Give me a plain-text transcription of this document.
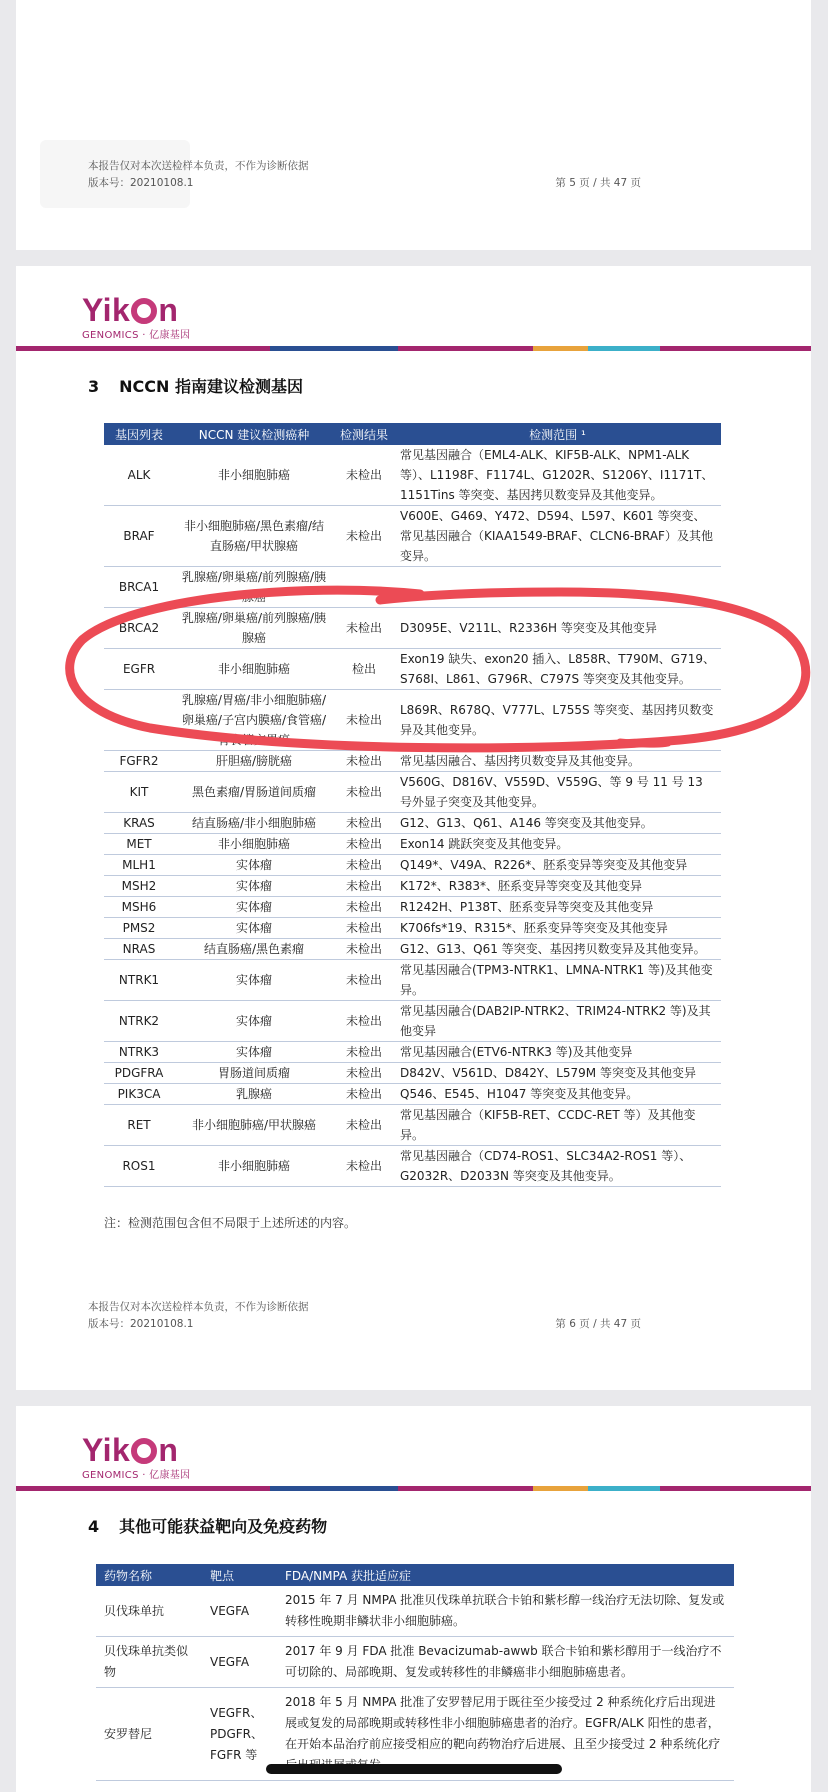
本报告仅对本次送检样本负责，不作为诊断依据
版本号：20210108.1	第 5 页 / 共 47 页
Yik n
GENOMICS · 亿康基因
3 NCCN 指南建议检测基因
基因列表	NCCN 建议检测癌种	检测结果	检测范围 ¹
ALK	非小细胞肺癌	未检出	常见基因融合（EML4-ALK、KIF5B-ALK、NPM1-ALK 等）、L1198F、F1174L、G1202R、S1206Y、I1171T、1151Tins 等突变、基因拷贝数变异及其他变异。
BRAF	非小细胞肺癌/黑色素瘤/结直肠癌/甲状腺癌	未检出	V600E、G469、Y472、D594、L597、K601 等突变、常见基因融合（KIAA1549-BRAF、CLCN6-BRAF）及其他变异。
BRCA1	乳腺癌/卵巢癌/前列腺癌/胰腺癌		
BRCA2	乳腺癌/卵巢癌/前列腺癌/胰腺癌	未检出	D3095E、V211L、R2336H 等突变及其他变异
EGFR	非小细胞肺癌	检出	Exon19 缺失、exon20 插入、L858R、T790M、G719、S768I、L861、G796R、C797S 等突变及其他变异。
	乳腺癌/胃癌/非小细胞肺癌/卵巢癌/子宫内膜癌/食管癌/胃食管交界癌	未检出	L869R、R678Q、V777L、L755S 等突变、基因拷贝数变异及其他变异。
FGFR2	肝胆癌/膀胱癌	未检出	常见基因融合、基因拷贝数变异及其他变异。
KIT	黑色素瘤/胃肠道间质瘤	未检出	V560G、D816V、V559D、V559G、等 9 号 11 号 13 号外显子突变及其他变异。
KRAS	结直肠癌/非小细胞肺癌	未检出	G12、G13、Q61、A146 等突变及其他变异。
MET	非小细胞肺癌	未检出	Exon14 跳跃突变及其他变异。
MLH1	实体瘤	未检出	Q149*、V49A、R226*、胚系变异等突变及其他变异
MSH2	实体瘤	未检出	K172*、R383*、胚系变异等突变及其他变异
MSH6	实体瘤	未检出	R1242H、P138T、胚系变异等突变及其他变异
PMS2	实体瘤	未检出	K706fs*19、R315*、胚系变异等突变及其他变异
NRAS	结直肠癌/黑色素瘤	未检出	G12、G13、Q61 等突变、基因拷贝数变异及其他变异。
NTRK1	实体瘤	未检出	常见基因融合(TPM3-NTRK1、LMNA-NTRK1 等)及其他变异。
NTRK2	实体瘤	未检出	常见基因融合(DAB2IP-NTRK2、TRIM24-NTRK2 等)及其他变异
NTRK3	实体瘤	未检出	常见基因融合(ETV6-NTRK3 等)及其他变异
PDGFRA	胃肠道间质瘤	未检出	D842V、V561D、D842Y、L579M 等突变及其他变异
PIK3CA	乳腺癌	未检出	Q546、E545、H1047 等突变及其他变异。
RET	非小细胞肺癌/甲状腺癌	未检出	常见基因融合（KIF5B-RET、CCDC-RET 等）及其他变异。
ROS1	非小细胞肺癌	未检出	常见基因融合（CD74-ROS1、SLC34A2-ROS1 等）、G2032R、D2033N 等突变及其他变异。
注：检测范围包含但不局限于上述所述的内容。
本报告仅对本次送检样本负责，不作为诊断依据
版本号：20210108.1	第 6 页 / 共 47 页
Yik n
GENOMICS · 亿康基因
4 其他可能获益靶向及免疫药物
药物名称	靶点	FDA/NMPA 获批适应症
贝伐珠单抗	VEGFA	2015 年 7 月 NMPA 批准贝伐珠单抗联合卡铂和紫杉醇一线治疗无法切除、复发或转移性晚期非鳞状非小细胞肺癌。
贝伐珠单抗类似物	VEGFA	2017 年 9 月 FDA 批准 Bevacizumab-awwb 联合卡铂和紫杉醇用于一线治疗不可切除的、局部晚期、复发或转移性的非鳞癌非小细胞肺癌患者。
安罗替尼	VEGFR、PDGFR、FGFR 等	2018 年 5 月 NMPA 批准了安罗替尼用于既往至少接受过 2 种系统化疗后出现进展或复发的局部晚期或转移性非小细胞肺癌患者的治疗。EGFR/ALK 阳性的患者，在开始本品治疗前应接受相应的靶向药物治疗后进展、且至少接受过 2 种系统化疗
